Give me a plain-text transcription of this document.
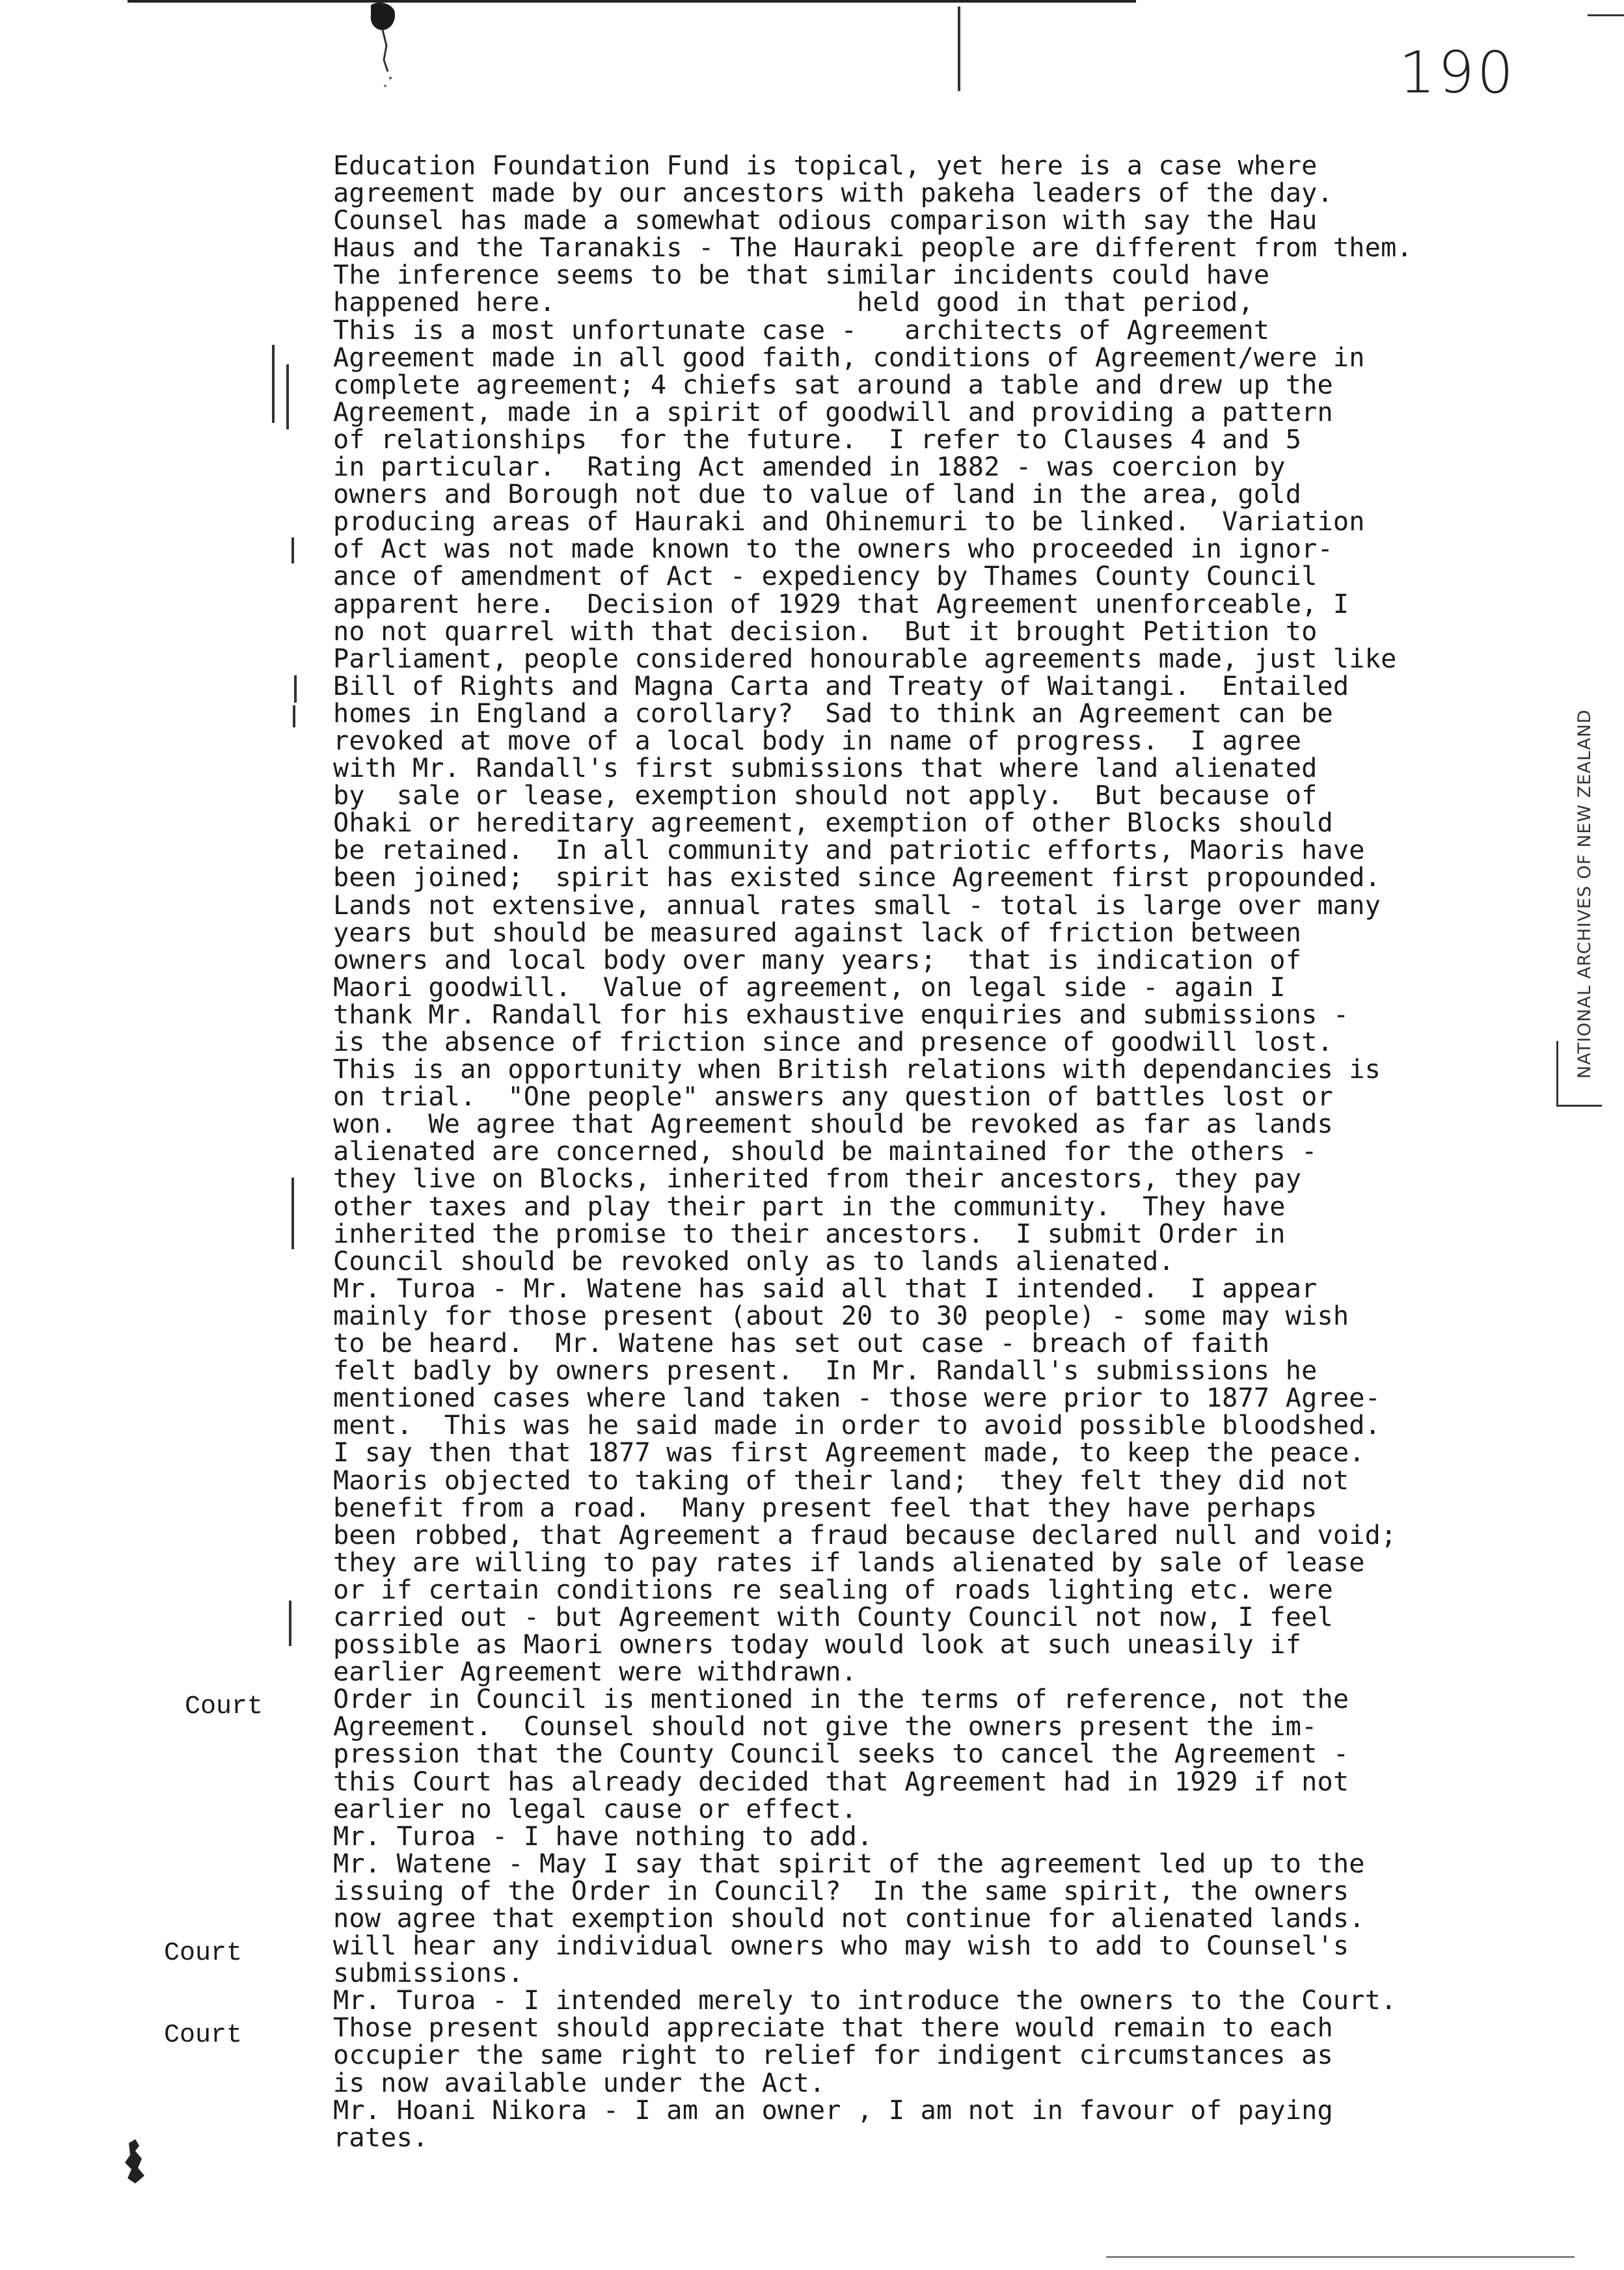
190
Education Foundation Fund is topical, yet here is a case where
agreement made by our ancestors with pakeha leaders of the day.
Counsel has made a somewhat odious comparison with say the Hau
Haus and the Taranakis - The Hauraki people are different from them.
The inference seems to be that similar incidents could have
happened here.                   held good in that period,
This is a most unfortunate case -   architects of Agreement
Agreement made in all good faith, conditions of Agreement/were in
complete agreement; 4 chiefs sat around a table and drew up the
Agreement, made in a spirit of goodwill and providing a pattern
of relationships  for the future.  I refer to Clauses 4 and 5
in particular.  Rating Act amended in 1882 - was coercion by
owners and Borough not due to value of land in the area, gold
producing areas of Hauraki and Ohinemuri to be linked.  Variation
of Act was not made known to the owners who proceeded in ignor-
ance of amendment of Act - expediency by Thames County Council
apparent here.  Decision of 1929 that Agreement unenforceable, I
no not quarrel with that decision.  But it brought Petition to
Parliament, people considered honourable agreements made, just like
Bill of Rights and Magna Carta and Treaty of Waitangi.  Entailed
homes in England a corollary?  Sad to think an Agreement can be
revoked at move of a local body in name of progress.  I agree
with Mr. Randall's first submissions that where land alienated
by  sale or lease, exemption should not apply.  But because of
Ohaki or hereditary agreement, exemption of other Blocks should
be retained.  In all community and patriotic efforts, Maoris have
been joined;  spirit has existed since Agreement first propounded.
Lands not extensive, annual rates small - total is large over many
years but should be measured against lack of friction between
owners and local body over many years;  that is indication of
Maori goodwill.  Value of agreement, on legal side - again I
thank Mr. Randall for his exhaustive enquiries and submissions -
is the absence of friction since and presence of goodwill lost.
This is an opportunity when British relations with dependancies is
on trial.  "One people" answers any question of battles lost or
won.  We agree that Agreement should be revoked as far as lands
alienated are concerned, should be maintained for the others -
they live on Blocks, inherited from their ancestors, they pay
other taxes and play their part in the community.  They have
inherited the promise to their ancestors.  I submit Order in
Council should be revoked only as to lands alienated.
Mr. Turoa - Mr. Watene has said all that I intended.  I appear
mainly for those present (about 20 to 30 people) - some may wish
to be heard.  Mr. Watene has set out case - breach of faith
felt badly by owners present.  In Mr. Randall's submissions he
mentioned cases where land taken - those were prior to 1877 Agree-
ment.  This was he said made in order to avoid possible bloodshed.
I say then that 1877 was first Agreement made, to keep the peace.
Maoris objected to taking of their land;  they felt they did not
benefit from a road.  Many present feel that they have perhaps
been robbed, that Agreement a fraud because declared null and void;
they are willing to pay rates if lands alienated by sale of lease
or if certain conditions re sealing of roads lighting etc. were
carried out - but Agreement with County Council not now, I feel
possible as Maori owners today would look at such uneasily if
earlier Agreement were withdrawn.
Order in Council is mentioned in the terms of reference, not the
Agreement.  Counsel should not give the owners present the im-
pression that the County Council seeks to cancel the Agreement -
this Court has already decided that Agreement had in 1929 if not
earlier no legal cause or effect.
Mr. Turoa - I have nothing to add.
Mr. Watene - May I say that spirit of the agreement led up to the
issuing of the Order in Council?  In the same spirit, the owners
now agree that exemption should not continue for alienated lands.
will hear any individual owners who may wish to add to Counsel's
submissions.
Mr. Turoa - I intended merely to introduce the owners to the Court.
Those present should appreciate that there would remain to each
occupier the same right to relief for indigent circumstances as
is now available under the Act.
Mr. Hoani Nikora - I am an owner , I am not in favour of paying
rates.
Court
Court
Court
NATIONAL ARCHIVES OF NEW ZEALAND
